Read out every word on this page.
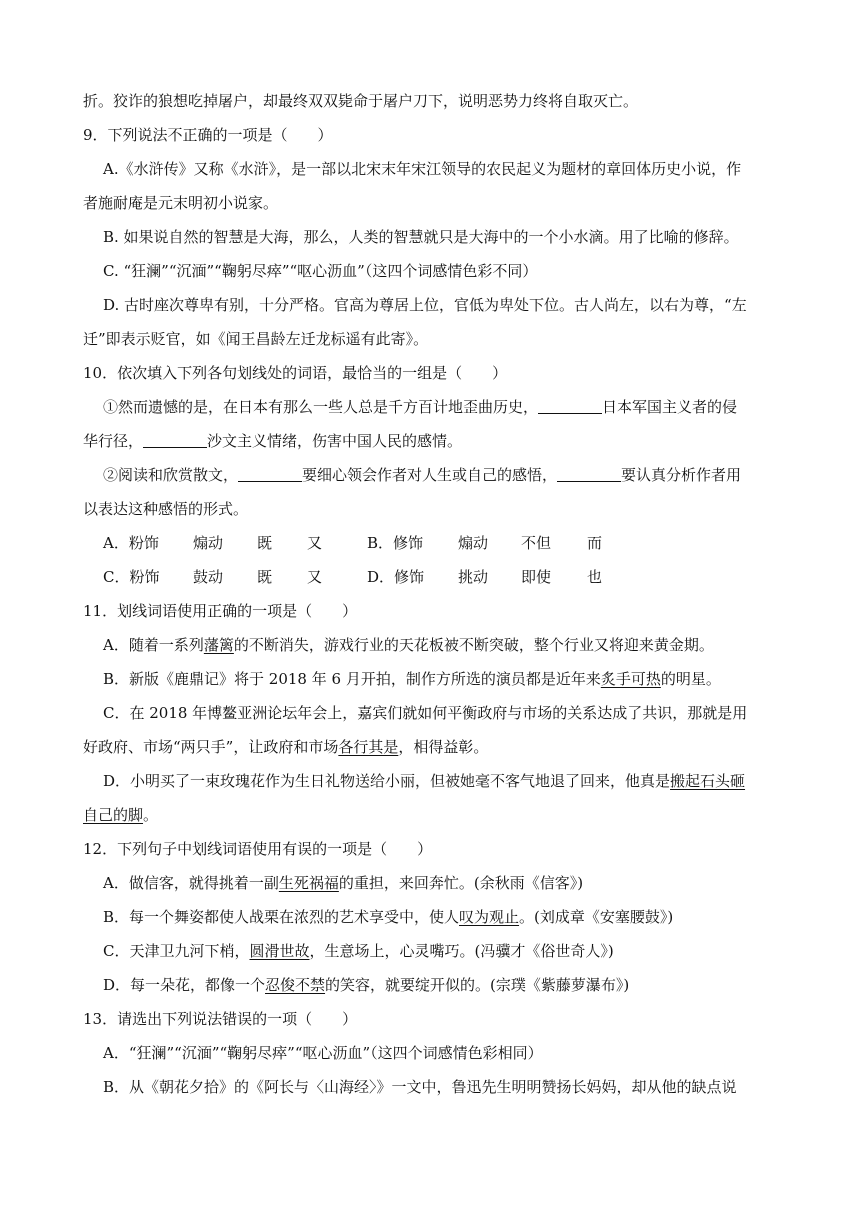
折。狡诈的狼想吃掉屠户，却最终双双毙命于屠户刀下，说明恶势力终将自取灭亡。
9．下列说法不正确的一项是（　　）
A.《水浒传》又称《水浒》，是一部以北宋末年宋江领导的农民起义为题材的章回体历史小说，作
者施耐庵是元末明初小说家。
B. 如果说自然的智慧是大海，那么，人类的智慧就只是大海中的一个小水滴。用了比喻的修辞。
C. “狂澜”“沉湎”“鞠躬尽瘁”“呕心沥血”（这四个词感情色彩不同）
D. 古时座次尊卑有别，十分严格。官高为尊居上位，官低为卑处下位。古人尚左，以右为尊，“左
迁”即表示贬官，如《闻王昌龄左迁龙标遥有此寄》。
10．依次填入下列各句划线处的词语，最恰当的一组是（　　）
①然而遗憾的是，在日本有那么一些人总是千方百计地歪曲历史，	日本军国主义者的侵
华行径，	沙文主义情绪，伤害中国人民的感情。
②阅读和欣赏散文，	要细心领会作者对人生或自己的感悟，	要认真分析作者用
以表达这种感悟的形式。
A．粉饰 煽动 既 又	B．修饰 煽动 不但 而
C．粉饰 鼓动 既 又	D．修饰 挑动 即使 也
11．划线词语使用正确的一项是（　　）
A．随着一系列藩篱的不断消失，游戏行业的天花板被不断突破，整个行业又将迎来黄金期。
B．新版《鹿鼎记》将于 2018 年 6 月开拍，制作方所选的演员都是近年来炙手可热的明星。
C．在 2018 年博鳌亚洲论坛年会上，嘉宾们就如何平衡政府与市场的关系达成了共识，那就是用
好政府、市场“两只手”，让政府和市场各行其是，相得益彰。
D．小明买了一束玫瑰花作为生日礼物送给小丽，但被她毫不客气地退了回来，他真是搬起石头砸
自己的脚。
12．下列句子中划线词语使用有误的一项是（　　）
A．做信客，就得挑着一副生死祸福的重担，来回奔忙。(余秋雨《信客》)
B．每一个舞姿都使人战栗在浓烈的艺术享受中，使人叹为观止。(刘成章《安塞腰鼓》)
C．天津卫九河下梢，圆滑世故，生意场上，心灵嘴巧。(冯骥才《俗世奇人》)
D．每一朵花，都像一个忍俊不禁的笑容，就要绽开似的。(宗璞《紫藤萝瀑布》)
13．请选出下列说法错误的一项（　　）
A．“狂澜”“沉湎”“鞠躬尽瘁”“呕心沥血”（这四个词感情色彩相同）
B．从《朝花夕拾》的《阿长与〈山海经〉》一文中，鲁迅先生明明赞扬长妈妈，却从他的缺点说
